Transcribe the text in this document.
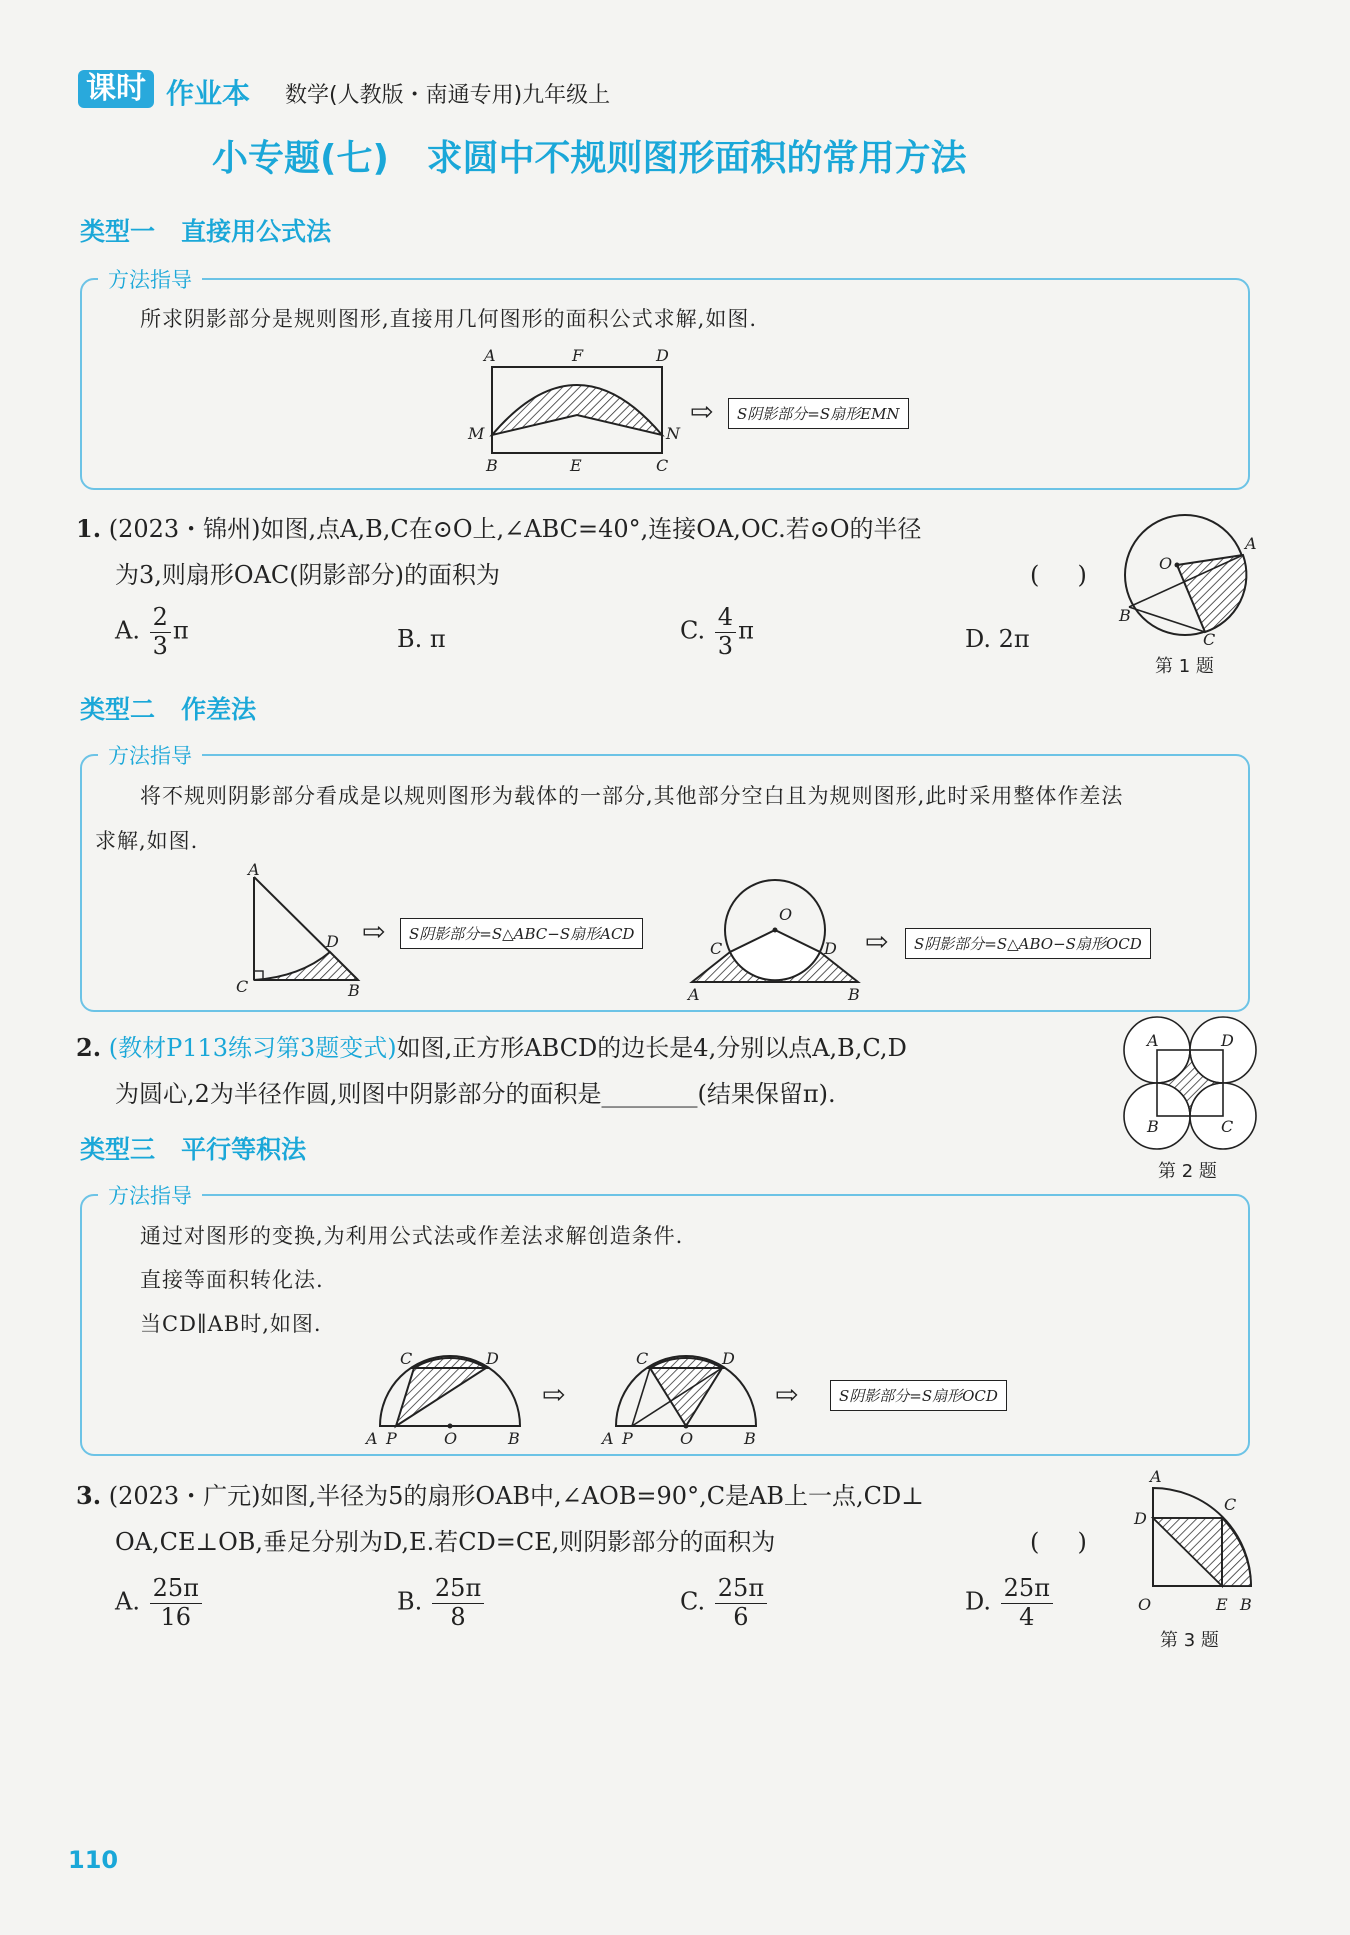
课时 作业本 数学(人教版・南通专用)九年级上
小专题(七)   求圆中不规则图形面积的常用方法
类型一   直接用公式法
方法指导
所求阴影部分是规则图形,直接用几何图形的面积公式求解,如图.
A	F	D
M	N
B	E	C
⇨	S阴影部分=S扇形EMN
1. (2023・锦州)如图,点A,B,C在⊙O上,∠ABC=40°,连接OA,OC.若⊙O的半径
为3,则扇形OAC(阴影部分)的面积为	(     )
A. $\frac{2}{3}$ π	B. π	C. $\frac{4}{3}$ π	D. 2π
O
A
B
C
第 1 题
类型二   作差法
方法指导
将不规则阴影部分看成是以规则图形为载体的一部分,其他部分空白且为规则图形,此时采用整体作差法
求解,如图.
A
D
C	B
⇨	S阴影部分=S△ABC−S扇形ACD
O
C	D
A	B
⇨	S阴影部分=S△ABO−S扇形OCD
2. (教材P113练习第3题变式)如图,正方形ABCD的边长是4,分别以点A,B,C,D
为圆心,2为半径作圆,则图中阴影部分的面积是________(结果保留π).
A	D
B	C
第 2 题
类型三   平行等积法
方法指导
通过对图形的变换,为利用公式法或作差法求解创造条件.
直接等面积转化法.
当CD∥AB时,如图.
C	D
A P	O	B
⇨
C	D
A P	O	B
⇨	S阴影部分=S扇形OCD
3. (2023・广元)如图,半径为5的扇形OAB中,∠AOB=90°,C是AB上一点,CD⊥
OA,CE⊥OB,垂足分别为D,E.若CD=CE,则阴影部分的面积为	(     )
A. $\frac{25\pi}{16}$	B. $\frac{25\pi}{8}$	C. $\frac{25\pi}{6}$	D. $\frac{25\pi}{4}$
A
C
D
O	E B
第 3 题
110
